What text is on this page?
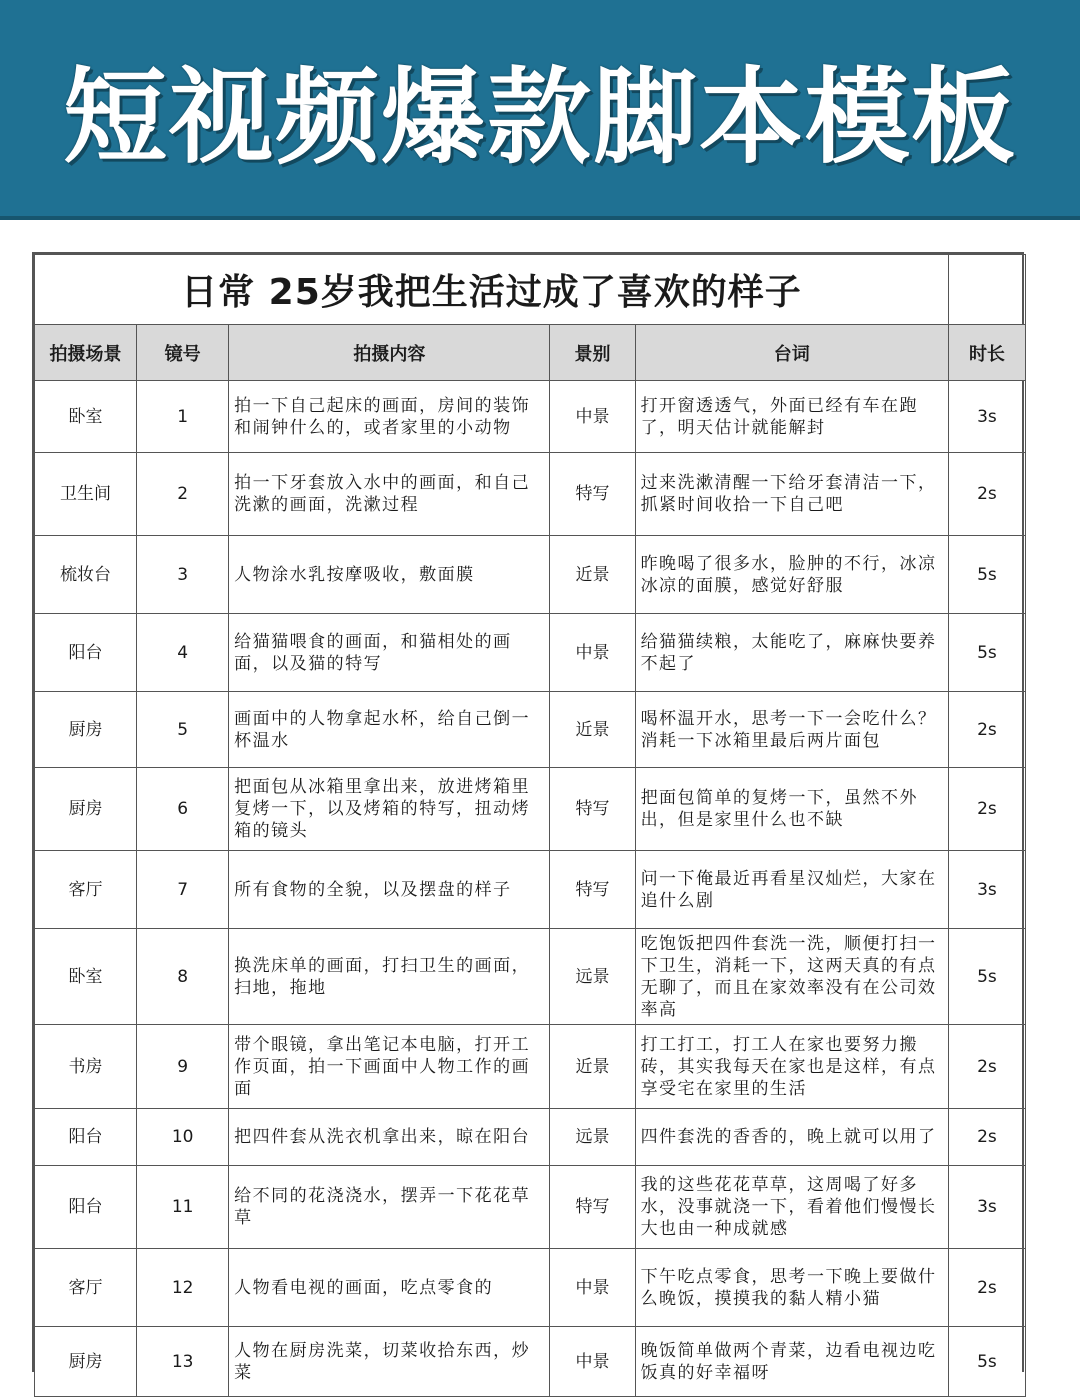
短视频爆款脚本模板
日常 25岁我把生活过成了喜欢的样子					
拍摄场景	镜号	拍摄内容	景别	台词	时长
卧室	1	拍一下自己起床的画面，房间的装饰和闹钟什么的，或者家里的小动物	中景	打开窗透透气，外面已经有车在跑了，明天估计就能解封	3s
卫生间	2	拍一下牙套放入水中的画面，和自己洗漱的画面，洗漱过程	特写	过来洗漱清醒一下给牙套清洁一下，抓紧时间收拾一下自己吧	2s
梳妆台	3	人物涂水乳按摩吸收，敷面膜	近景	昨晚喝了很多水，脸肿的不行，冰凉冰凉的面膜，感觉好舒服	5s
阳台	4	给猫猫喂食的画面，和猫相处的画面，以及猫的特写	中景	给猫猫续粮，太能吃了，麻麻快要养不起了	5s
厨房	5	画面中的人物拿起水杯，给自己倒一杯温水	近景	喝杯温开水，思考一下一会吃什么？消耗一下冰箱里最后两片面包	2s
厨房	6	把面包从冰箱里拿出来，放进烤箱里复烤一下，以及烤箱的特写，扭动烤箱的镜头	特写	把面包简单的复烤一下，虽然不外出，但是家里什么也不缺	2s
客厅	7	所有食物的全貌，以及摆盘的样子	特写	问一下俺最近再看星汉灿烂，大家在追什么剧	3s
卧室	8	换洗床单的画面，打扫卫生的画面，扫地，拖地	远景	吃饱饭把四件套洗一洗，顺便打扫一下卫生，消耗一下，这两天真的有点无聊了，而且在家效率没有在公司效率高	5s
书房	9	带个眼镜，拿出笔记本电脑，打开工作页面，拍一下画面中人物工作的画面	近景	打工打工，打工人在家也要努力搬砖，其实我每天在家也是这样，有点享受宅在家里的生活	2s
阳台	10	把四件套从洗衣机拿出来，晾在阳台	远景	四件套洗的香香的，晚上就可以用了	2s
阳台	11	给不同的花浇浇水，摆弄一下花花草草	特写	我的这些花花草草，这周喝了好多水，没事就浇一下，看着他们慢慢长大也由一种成就感	3s
客厅	12	人物看电视的画面，吃点零食的	中景	下午吃点零食，思考一下晚上要做什么晚饭，摸摸我的黏人精小猫	2s
厨房	13	人物在厨房洗菜，切菜收拾东西，炒菜	中景	晚饭简单做两个青菜，边看电视边吃饭真的好幸福呀	5s
